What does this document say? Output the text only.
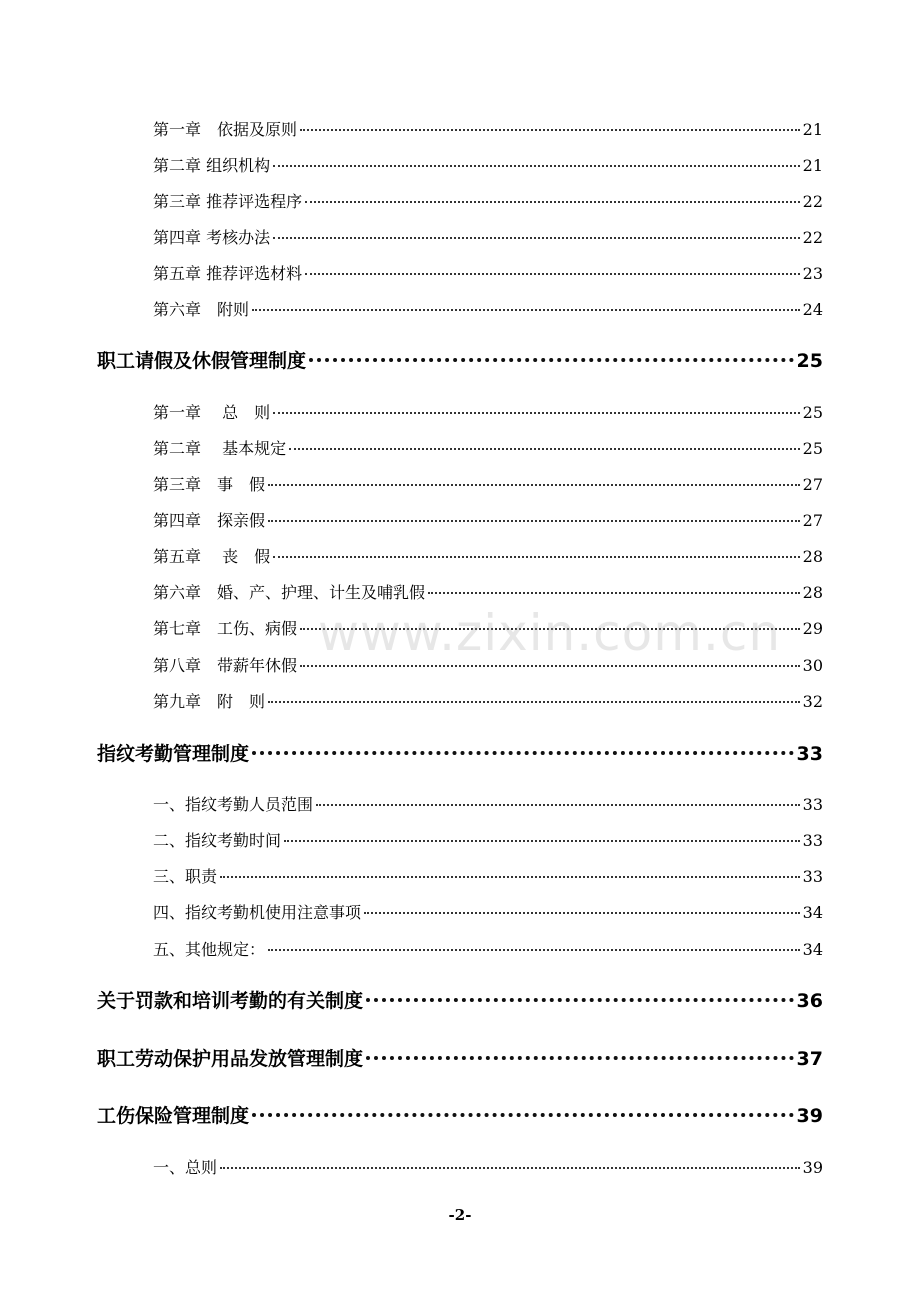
第一章　依据及原则	21
第二章 组织机构	21
第三章 推荐评选程序	22
第四章 考核办法	22
第五章 推荐评选材料	23
第六章　附则	24
职工请假及休假管理制度	25
第一章　 总　则	25
第二章　 基本规定	25
第三章　事　假	27
第四章　探亲假	27
第五章　 丧　假	28
第六章　婚、产、护理、计生及哺乳假	28
第七章　工伤、病假	29
第八章　带薪年休假	30
第九章　附　则	32
指纹考勤管理制度	33
一、指纹考勤人员范围	33
二、指纹考勤时间	33
三、职责	33
四、指纹考勤机使用注意事项	34
五、其他规定：	34
关于罚款和培训考勤的有关制度	36
职工劳动保护用品发放管理制度	37
工伤保险管理制度	39
一、总则	39
www.zixin.com.cn
-2-
